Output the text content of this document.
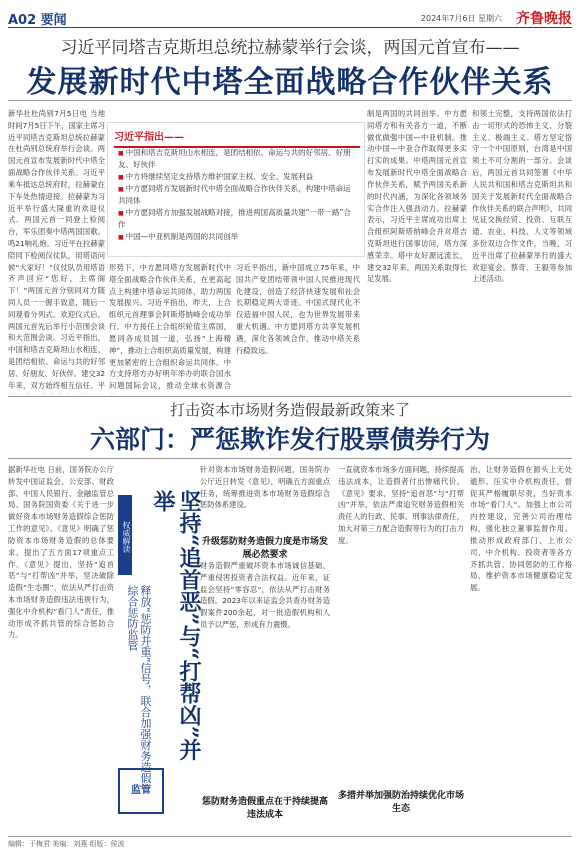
A02 要闻	2024年7月6日 星期六 齐鲁晚报
习近平同塔吉克斯坦总统拉赫蒙举行会谈，两国元首宣布——
发展新时代中塔全面战略合作伙伴关系
新华社杜尚别7月5日电 当地时间7月5日下午，国家主席习近平同塔吉克斯坦总统拉赫蒙在杜尚别总统府举行会谈。两国元首宣布发展新时代中塔全面战略合作伙伴关系。习近平乘车抵达总统府时，拉赫蒙在下车处热情迎接。拉赫蒙为习近平举行盛大隆重的欢迎仪式。两国元首一同登上检阅台，军乐团奏中塔两国国歌，鸣21响礼炮。习近平在拉赫蒙陪同下检阅仪仗队，用塔语问候“大家好！”仪仗队员用塔语齐声回应“您好，主席阁下！”两国元首分别同对方随同人员一一握手致意，随后一同观看分列式。欢迎仪式后，两国元首先后举行小范围会谈和大范围会谈。习近平指出，中国和塔吉克斯坦山水相连，是团结相依、命运与共的好邻居、好朋友、好伙伴。建交32年来，双方始终相互信任、平
习近平指出——
■ 中国和塔吉克斯坦山水相连，是团结相依、命运与共的好邻居、好朋友、好伙伴
■ 中方将继续坚定支持塔方维护国家主权、安全、发展利益
■ 中方愿同塔方发展新时代中塔全面战略合作伙伴关系，构建中塔命运共同体
■ 中方愿同塔方加强发展战略对接，推进两国高质量共建“一带一路”合作
■ 中国—中亚机制是两国的共同创举
形势下，中方愿同塔方发展新时代中塔全面战略合作伙伴关系，在更高起点上构建中塔命运共同体，助力两国发展振兴。习近平指出，昨天，上合组织元首理事会阿斯塔纳峰会成功举行。中方接任上合组织轮值主席国，愿同各成员国一道，弘扬“上海精神”，推动上合组织高质量发展，构建更加紧密的上合组织命运共同体。中方支持塔方办好明年举办的联合国水问题国际会议，推动全球水资源合
习近平指出，新中国成立75年来，中国共产党团结带领中国人民推进现代化建设，创造了经济快速发展和社会长期稳定两大奇迹。中国式现代化不仅造福中国人民，也为世界发展带来重大机遇。中方愿同塔方共享发展机遇，深化各领域合作，推动中塔关系行稳致远。
制是两国的共同创举。中方愿同塔方和有关各方一道，不断做优做强中国—中亚机制。推动中国—中亚合作取得更多实打实的成果。中塔两国元首宣布发展新时代中塔全面战略合作伙伴关系，赋予两国关系新的时代内涵，为深化各领域务实合作注入强劲动力。拉赫蒙表示，习近平主席成功出席上合组织阿斯塔纳峰会并对塔吉克斯坦进行国事访问，塔方深感荣幸。塔中友好源远流长，建交32年来，两国关系取得长足发展。
和领土完整，支持两国依法打击一切形式的恐怖主义、分裂主义、极端主义。塔方坚定恪守一个中国原则，台湾是中国领土不可分割的一部分。会谈后，两国元首共同签署《中华人民共和国和塔吉克斯坦共和国关于发展新时代全面战略合作伙伴关系的联合声明》，共同见证交换经贸、投资、互联互通、农业、科技、人文等领域多份双边合作文件。当晚，习近平出席了拉赫蒙举行的盛大欢迎宴会。蔡奇、王毅等参加上述活动。
打击资本市场财务造假最新政策来了
六部门：严惩欺诈发行股票债券行为
据新华社电 日前，国务院办公厅转发中国证监会、公安部、财政部、中国人民银行、金融监管总局、国务院国资委《关于进一步做好资本市场财务造假综合惩防工作的意见》。《意见》明确了惩防资本市场财务造假的总体要求，提出了五方面17项重点工作。《意见》提出，坚持“追首恶”与“打帮凶”并举，坚决破除造假“生态圈”，依法从严打击资本市场财务造假违法违规行为，强化中介机构“看门人”责任，推动形成齐抓共管的综合惩防合力。
权威解读	坚持“追首恶”与“打帮凶”并举
释放“惩防并重”信号，联合加强财务造假综合惩防监管
监管
针对资本市场财务造假问题，国务院办公厅近日转发《意见》，明确五方面重点任务，统筹推进资本市场财务造假综合惩防体系建设。
升级惩防财务造假力度是市场发展必然要求
财务造假严重破坏资本市场诚信基础，严重侵害投资者合法权益。近年来，证监会坚持“零容忍”，依法从严打击财务造假。2023年以来证监会共查办财务造假案件200余起，对一批造假机构和人员予以严惩，形成有力震慑。
惩防财务造假重点在于持续提高违法成本
一直就资本市场多方面问题，持续提高违法成本，让造假者付出惨痛代价。《意见》要求，坚持“追首恶”与“打帮凶”并举，依法严肃追究财务造假相关责任人的行政、民事、刑事法律责任，加大对第三方配合造假等行为的打击力度。
多措并举加强防治持续优化市场生态
治，让财务造假在源头上无处遁形。压实中介机构责任，督促其严格履职尽责，当好资本市场“看门人”。加强上市公司内控建设，完善公司治理结构，强化独立董事监督作用。推动形成政府部门、上市公司、中介机构、投资者等各方齐抓共管、协同惩防的工作格局，维护资本市场健康稳定发展。
编辑：于梅君 美编：刘燕 组版：侯波
